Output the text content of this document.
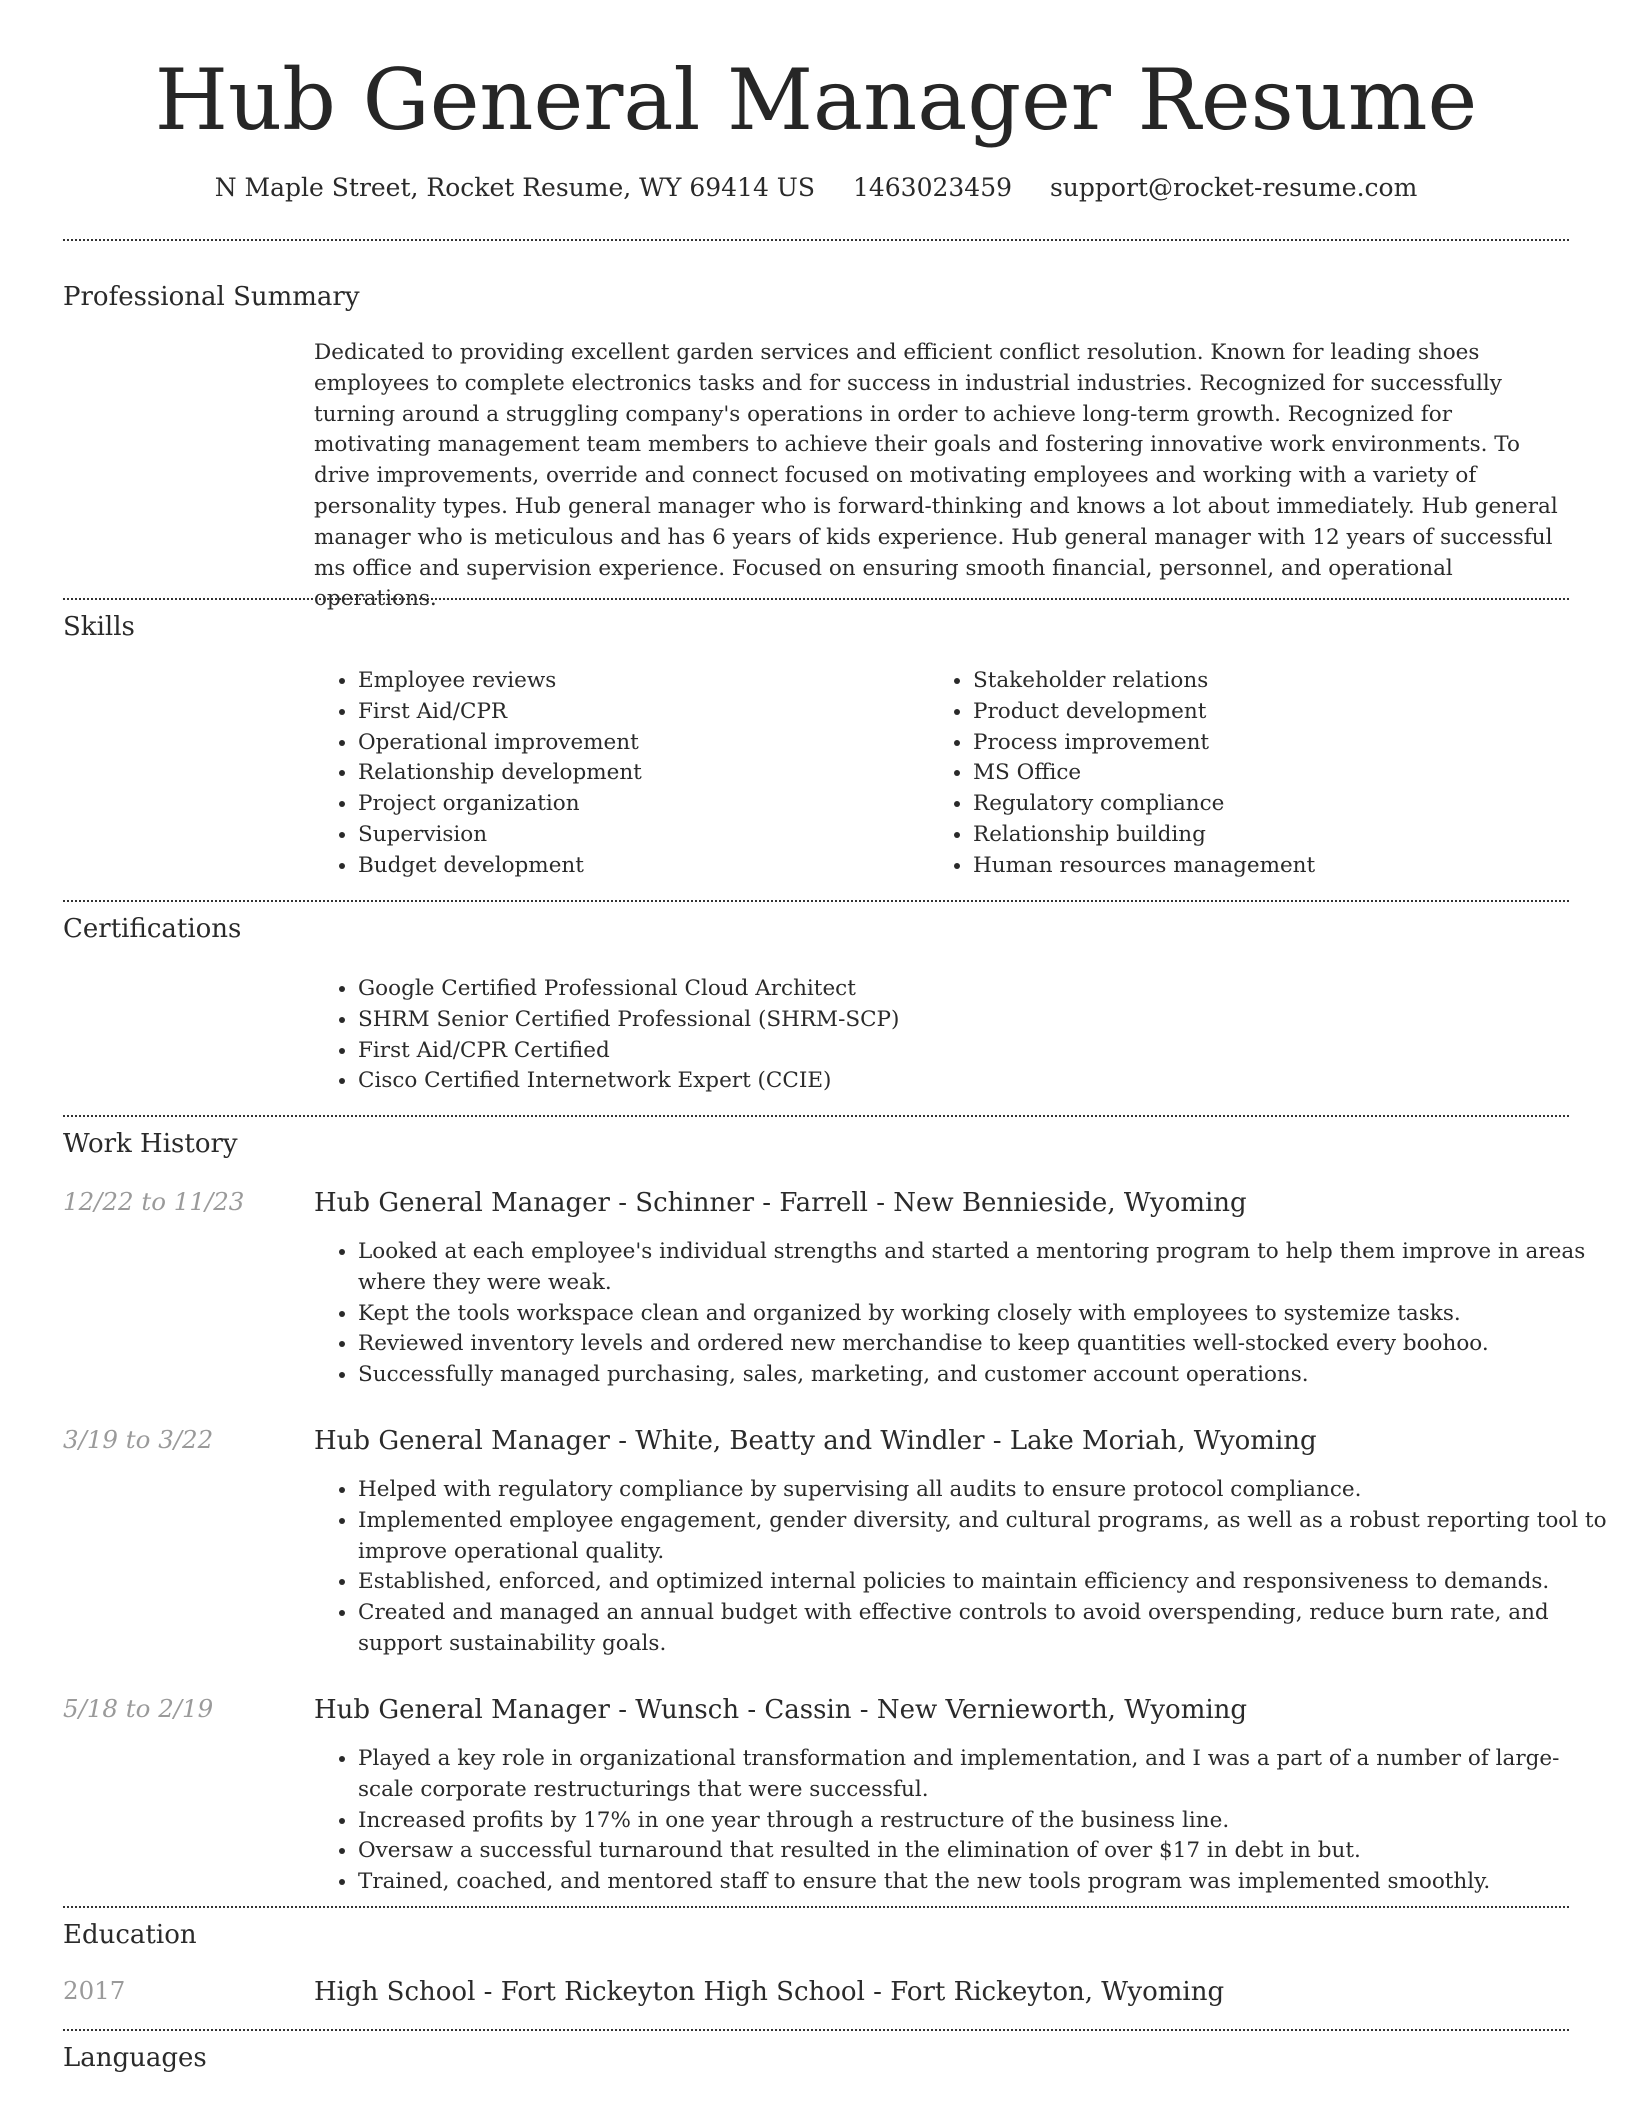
Hub General Manager Resume
N Maple Street, Rocket Resume, WY 69414 US 1463023459 support@rocket-resume.com
Professional Summary

Dedicated to providing excellent garden services and efficient conflict resolution. Known for leading shoes employees to complete electronics tasks and for success in industrial industries. Recognized for successfully turning around a struggling company's operations in order to achieve long-term growth. Recognized for motivating management team members to achieve their goals and fostering innovative work environments. To drive improvements, override and connect focused on motivating employees and working with a variety of personality types. Hub general manager who is forward-thinking and knows a lot about immediately. Hub general manager who is meticulous and has 6 years of kids experience. Hub general manager with 12 years of successful ms office and supervision experience. Focused on ensuring smooth financial, personnel, and operational operations.

Skills
• Employee reviews
• First Aid/CPR
• Operational improvement
• Relationship development
• Project organization
• Supervision
• Budget development
• Stakeholder relations
• Product development
• Process improvement
• MS Office
• Regulatory compliance
• Relationship building
• Human resources management
Certifications
• Google Certified Professional Cloud Architect
• SHRM Senior Certified Professional (SHRM-SCP)
• First Aid/CPR Certified
• Cisco Certified Internetwork Expert (CCIE)
Work History
12/22 to 11/23	Hub General Manager - Schinner - Farrell - New Bennieside, Wyoming
• Looked at each employee's individual strengths and started a mentoring program to help them improve in areas where they were weak.
• Kept the tools workspace clean and organized by working closely with employees to systemize tasks.
• Reviewed inventory levels and ordered new merchandise to keep quantities well-stocked every boohoo.
• Successfully managed purchasing, sales, marketing, and customer account operations.
3/19 to 3/22	Hub General Manager - White, Beatty and Windler - Lake Moriah, Wyoming
• Helped with regulatory compliance by supervising all audits to ensure protocol compliance.
• Implemented employee engagement, gender diversity, and cultural programs, as well as a robust reporting tool to improve operational quality.
• Established, enforced, and optimized internal policies to maintain efficiency and responsiveness to demands.
• Created and managed an annual budget with effective controls to avoid overspending, reduce burn rate, and support sustainability goals.
5/18 to 2/19	Hub General Manager - Wunsch - Cassin - New Vernieworth, Wyoming
• Played a key role in organizational transformation and implementation, and I was a part of a number of large-scale corporate restructurings that were successful.
• Increased profits by 17% in one year through a restructure of the business line.
• Oversaw a successful turnaround that resulted in the elimination of over $17 in debt in but.
• Trained, coached, and mentored staff to ensure that the new tools program was implemented smoothly.
Education
2017	High School - Fort Rickeyton High School - Fort Rickeyton, Wyoming
Languages
